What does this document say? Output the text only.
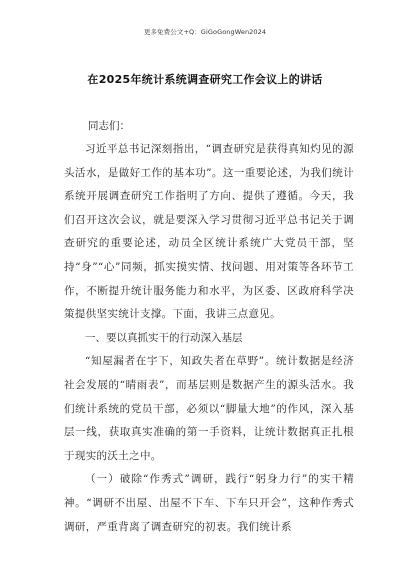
更多免费公文+Q：GiGoGongWen2024
在2025年统计系统调查研究工作会议上的讲话
同志们：

习近平总书记深刻指出，“调查研究是获得真知灼见的源头活水，是做好工作的基本功”。这一重要论述，为我们统计系统开展调查研究工作指明了方向、提供了遵循。今天，我们召开这次会议，就是要深入学习贯彻习近平总书记关于调查研究的重要论述，动员全区统计系统广大党员干部，坚持“身”“心”同频，抓实摸实情、找问题、用对策等各环节工作，不断提升统计服务能力和水平，为区委、区政府科学决策提供坚实统计支撑。下面，我讲三点意见。

一、要以真抓实干的行动深入基层

“知屋漏者在宇下，知政失者在草野”。统计数据是经济社会发展的“晴雨表”，而基层则是数据产生的源头活水。我们统计系统的党员干部，必须以“脚量大地”的作风，深入基层一线，获取真实准确的第一手资料，让统计数据真正扎根于现实的沃土之中。

（一）破除“作秀式”调研，践行“躬身力行”的实干精神。“调研不出屋、出屋不下车、下车只开会”，这种作秀式调研，严重背离了调查研究的初衷。我们统计系
